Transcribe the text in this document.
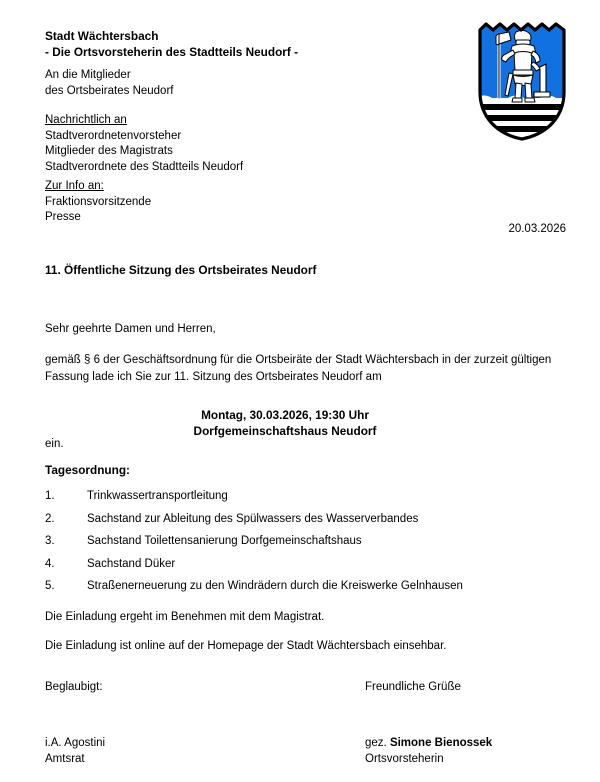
Stadt Wächtersbach
- Die Ortsvorsteherin des Stadtteils Neudorf -
An die Mitglieder
des Ortsbeirates Neudorf
Nachrichtlich an
Stadtverordnetenvorsteher
Mitglieder des Magistrats
Stadtverordnete des Stadtteils Neudorf
Zur Info an:
Fraktionsvorsitzende
Presse
20.03.2026
11. Öffentliche Sitzung des Ortsbeirates Neudorf
Sehr geehrte Damen und Herren,
gemäß § 6 der Geschäftsordnung für die Ortsbeiräte der Stadt Wächtersbach in der zurzeit gültigen Fassung lade ich Sie zur 11. Sitzung des Ortsbeirates Neudorf am
Montag, 30.03.2026, 19:30 Uhr
Dorfgemeinschaftshaus Neudorf
ein.
Tagesordnung:
1.	Trinkwassertransportleitung
2.	Sachstand zur Ableitung des Spülwassers des Wasserverbandes
3.	Sachstand Toilettensanierung Dorfgemeinschaftshaus
4.	Sachstand Düker
5.	Straßenerneuerung zu den Windrädern durch die Kreiswerke Gelnhausen
Die Einladung ergeht im Benehmen mit dem Magistrat.
Die Einladung ist online auf der Homepage der Stadt Wächtersbach einsehbar.
Beglaubigt:	Freundliche Grüße
i.A. Agostini
Amtsrat
gez. Simone Bienossek
Ortsvorsteherin
